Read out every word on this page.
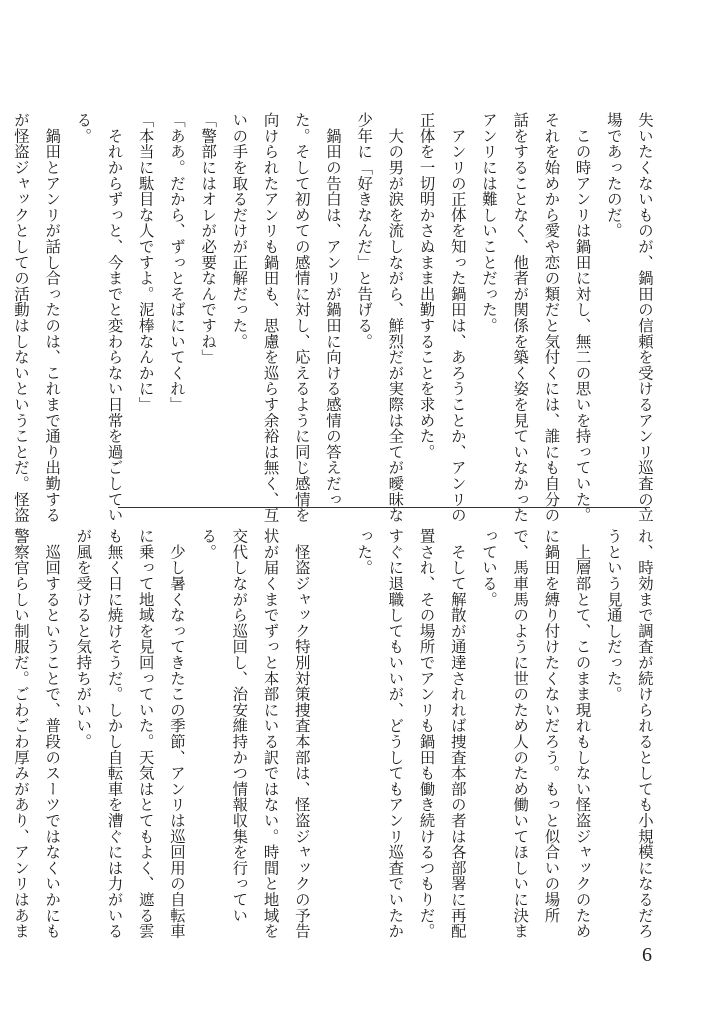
失いたくないものが、鍋田の信頼を受けるアンリ巡査の立

場であったのだ。

　この時アンリは鍋田に対し、無二の思いを持っていた。

それを始めから愛や恋の類だと気付くには、誰にも自分の

話をすることなく、他者が関係を築く姿を見ていなかった

アンリには難しいことだった。

　アンリの正体を知った鍋田は、あろうことか、アンリの

正体を一切明かさぬまま出勤することを求めた。

　大の男が涙を流しながら、鮮烈だが実際は全てが曖昧な

少年に「好きなんだ」と告げる。

　鍋田の告白は、アンリが鍋田に向ける感情の答えだっ

た。そして初めての感情に対し、応えるように同じ感情を

向けられたアンリも鍋田も、思慮を巡らす余裕は無く、互

いの手を取るだけが正解だった。

「警部にはオレが必要なんですね」

「ああ。だから、ずっとそばにいてくれ」

「本当に駄目な人ですよ。泥棒なんかに」

　それからずっと、今までと変わらない日常を過ごしてい

る。

　鍋田とアンリが話し合ったのは、これまで通り出勤する

が怪盗ジャックとしての活動はしないということだ。怪盗

れ、時効まで調査が続けられるとしても小規模になるだろ

うという見通しだった。

　上層部とて、このまま現れもしない怪盗ジャックのため

に鍋田を縛り付けたくないだろう。もっと似合いの場所

で、馬車馬のように世のため人のため働いてほしいに決ま

っている。

　そして解散が通達されれば捜査本部の者は各部署に再配

置され、その場所でアンリも鍋田も働き続けるつもりだ。

すぐに退職してもいいが、どうしてもアンリ巡査でいたか

った。

　怪盗ジャック特別対策捜査本部は、怪盗ジャックの予告

状が届くまでずっと本部にいる訳ではない。時間と地域を

交代しながら巡回し、治安維持かつ情報収集を行ってい

る。

　少し暑くなってきたこの季節、アンリは巡回用の自転車

に乗って地域を見回っていた。天気はとてもよく、遮る雲

も無く日に焼けそうだ。しかし自転車を漕ぐには力がいる

が風を受けると気持ちがいい。

　巡回するということで、普段のスーツではなくいかにも

警察官らしい制服だ。ごわごわ厚みがあり、アンリはあま

6
